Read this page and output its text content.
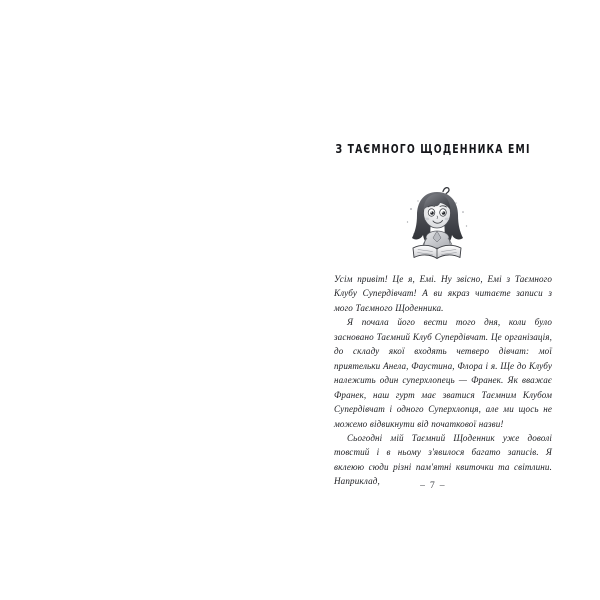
З ТАЄМНОГО ЩОДЕННИКА ЕМІ

Усім привіт! Це я, Емі. Ну звісно, Емі з Таємного Клубу Супердівчат! А ви якраз читаєте записи з мого Таємного Щоденника.

Я почала його вести того дня, коли було засновано Таємний Клуб Супердівчат. Це організація, до складу якої входять четверо дівчат: мої приятельки Анела, Фаустина, Флора і я. Ще до Клубу належить один суперхлопець — Франек. Як вважає Франек, наш гурт має зватися Таємним Клубом Супердівчат і одного Суперхлопця, але ми щось не можемо відвикнути від початкової назви!

Сьогодні мій Таємний Щоденник уже доволі товстий і в ньому з'явилося багато записів. Я вклеюю сюди різні пам'ятні квиточки та світлини. Наприклад,	– 7 –
